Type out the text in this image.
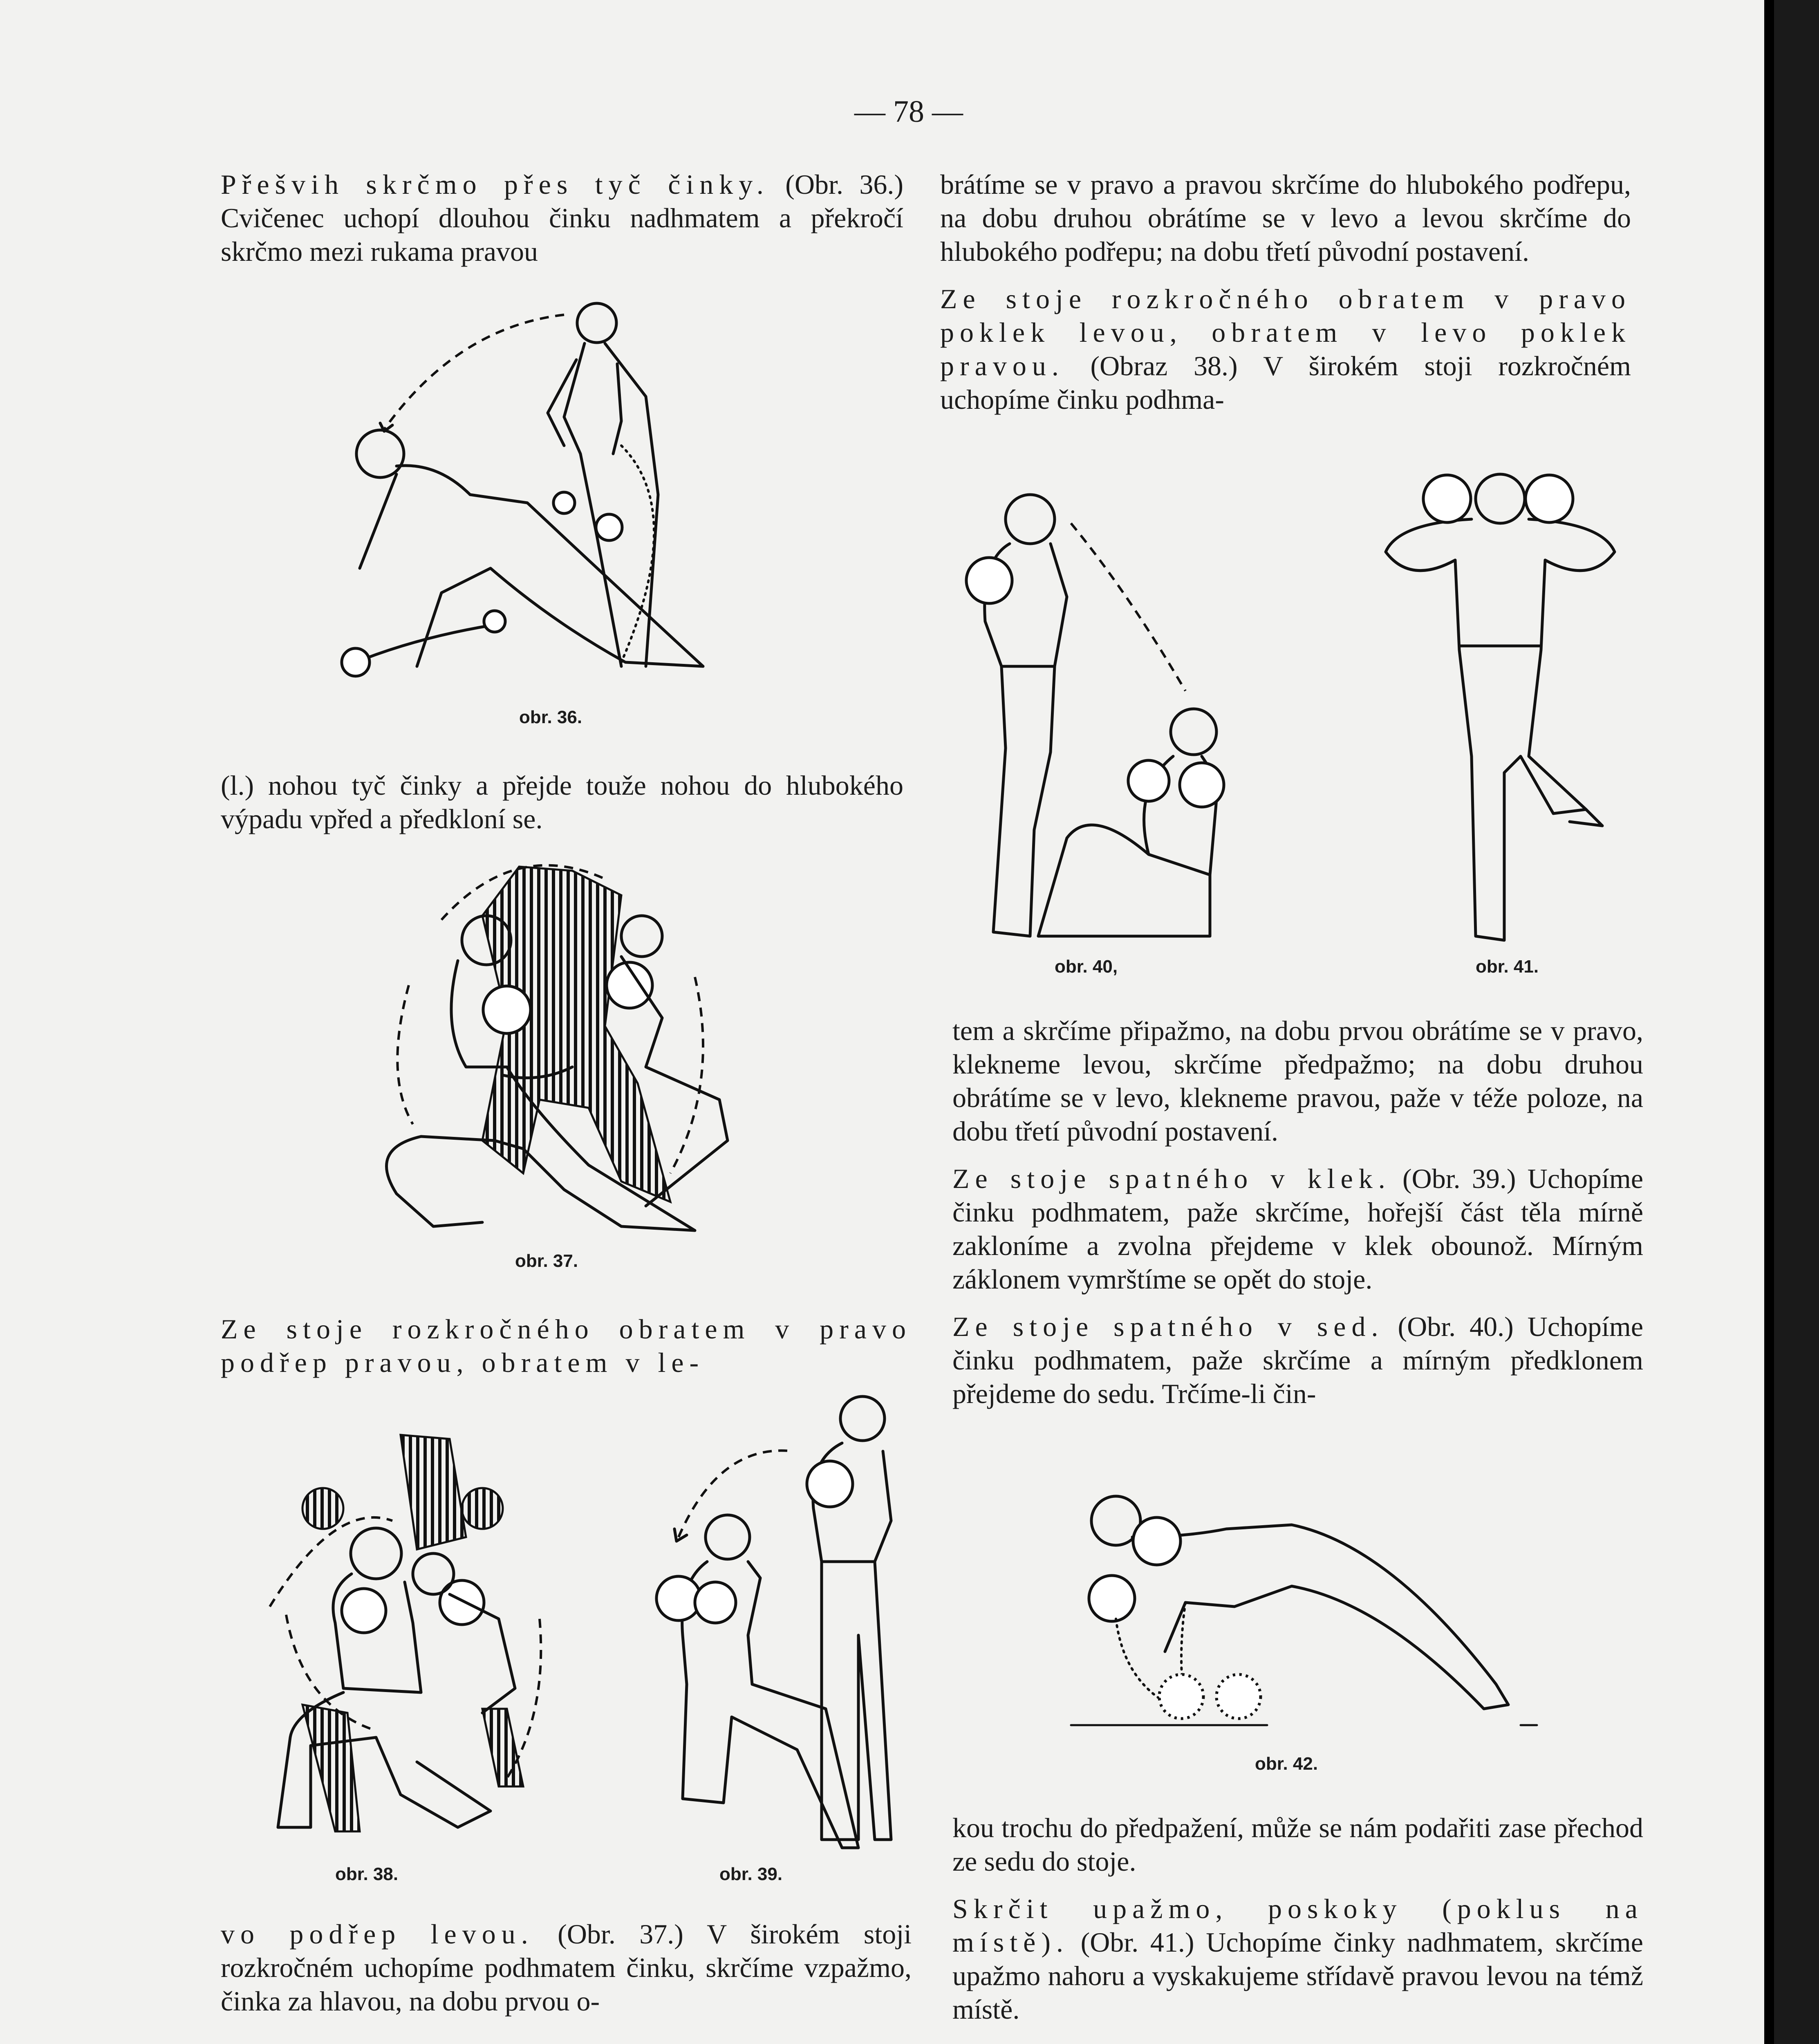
— 78 —

Přešvih skrčmo přes tyč činky. (Obr. 36.) Cvičenec uchopí dlouhou činku nadhmatem a překročí skrčmo mezi rukama pravou

obr. 36.

(l.) nohou tyč činky a přejde touže nohou do hlubokého výpadu vpřed a předkloní se.

obr. 37.

Ze stoje rozkročného obratem v pravo podřep pravou, obratem v le-

obr. 38.	obr. 39.

vo podřep levou. (Obr. 37.) V širokém stoji rozkročném uchopíme podhmatem činku, skrčíme vzpažmo, činka za hlavou, na dobu prvou o-

brátíme se v pravo a pravou skrčíme do hlubokého podřepu, na dobu druhou obrátíme se v levo a levou skrčíme do hlubokého podřepu; na dobu třetí původní postavení.

Ze stoje rozkročného obratem v pravo poklek levou, obratem v levo poklek pravou. (Obraz 38.) V širokém stoji rozkročném uchopíme činku podhma-

obr. 40,	obr. 41.

tem a skrčíme připažmo, na dobu prvou obrátíme se v pravo, klekneme levou, skrčíme předpažmo; na dobu druhou obrátíme se v levo, klekneme pravou, paže v téže poloze, na dobu třetí původní postavení.

Ze stoje spatného v klek. (Obr. 39.) Uchopíme činku podhmatem, paže skrčíme, hořejší část těla mírně zakloníme a zvolna přejdeme v klek obounož. Mírným záklonem vymrštíme se opět do stoje.

Ze stoje spatného v sed. (Obr. 40.) Uchopíme činku podhmatem, paže skrčíme a mírným předklonem přejdeme do sedu. Trčíme-li čin-

obr. 42.

kou trochu do předpažení, může se nám podařiti zase přechod ze sedu do stoje.

Skrčit upažmo, poskoky (poklus na místě). (Obr. 41.) Uchopíme činky nadhmatem, skrčíme upažmo nahoru a vyskakujeme střídavě pravou levou na témž místě.
